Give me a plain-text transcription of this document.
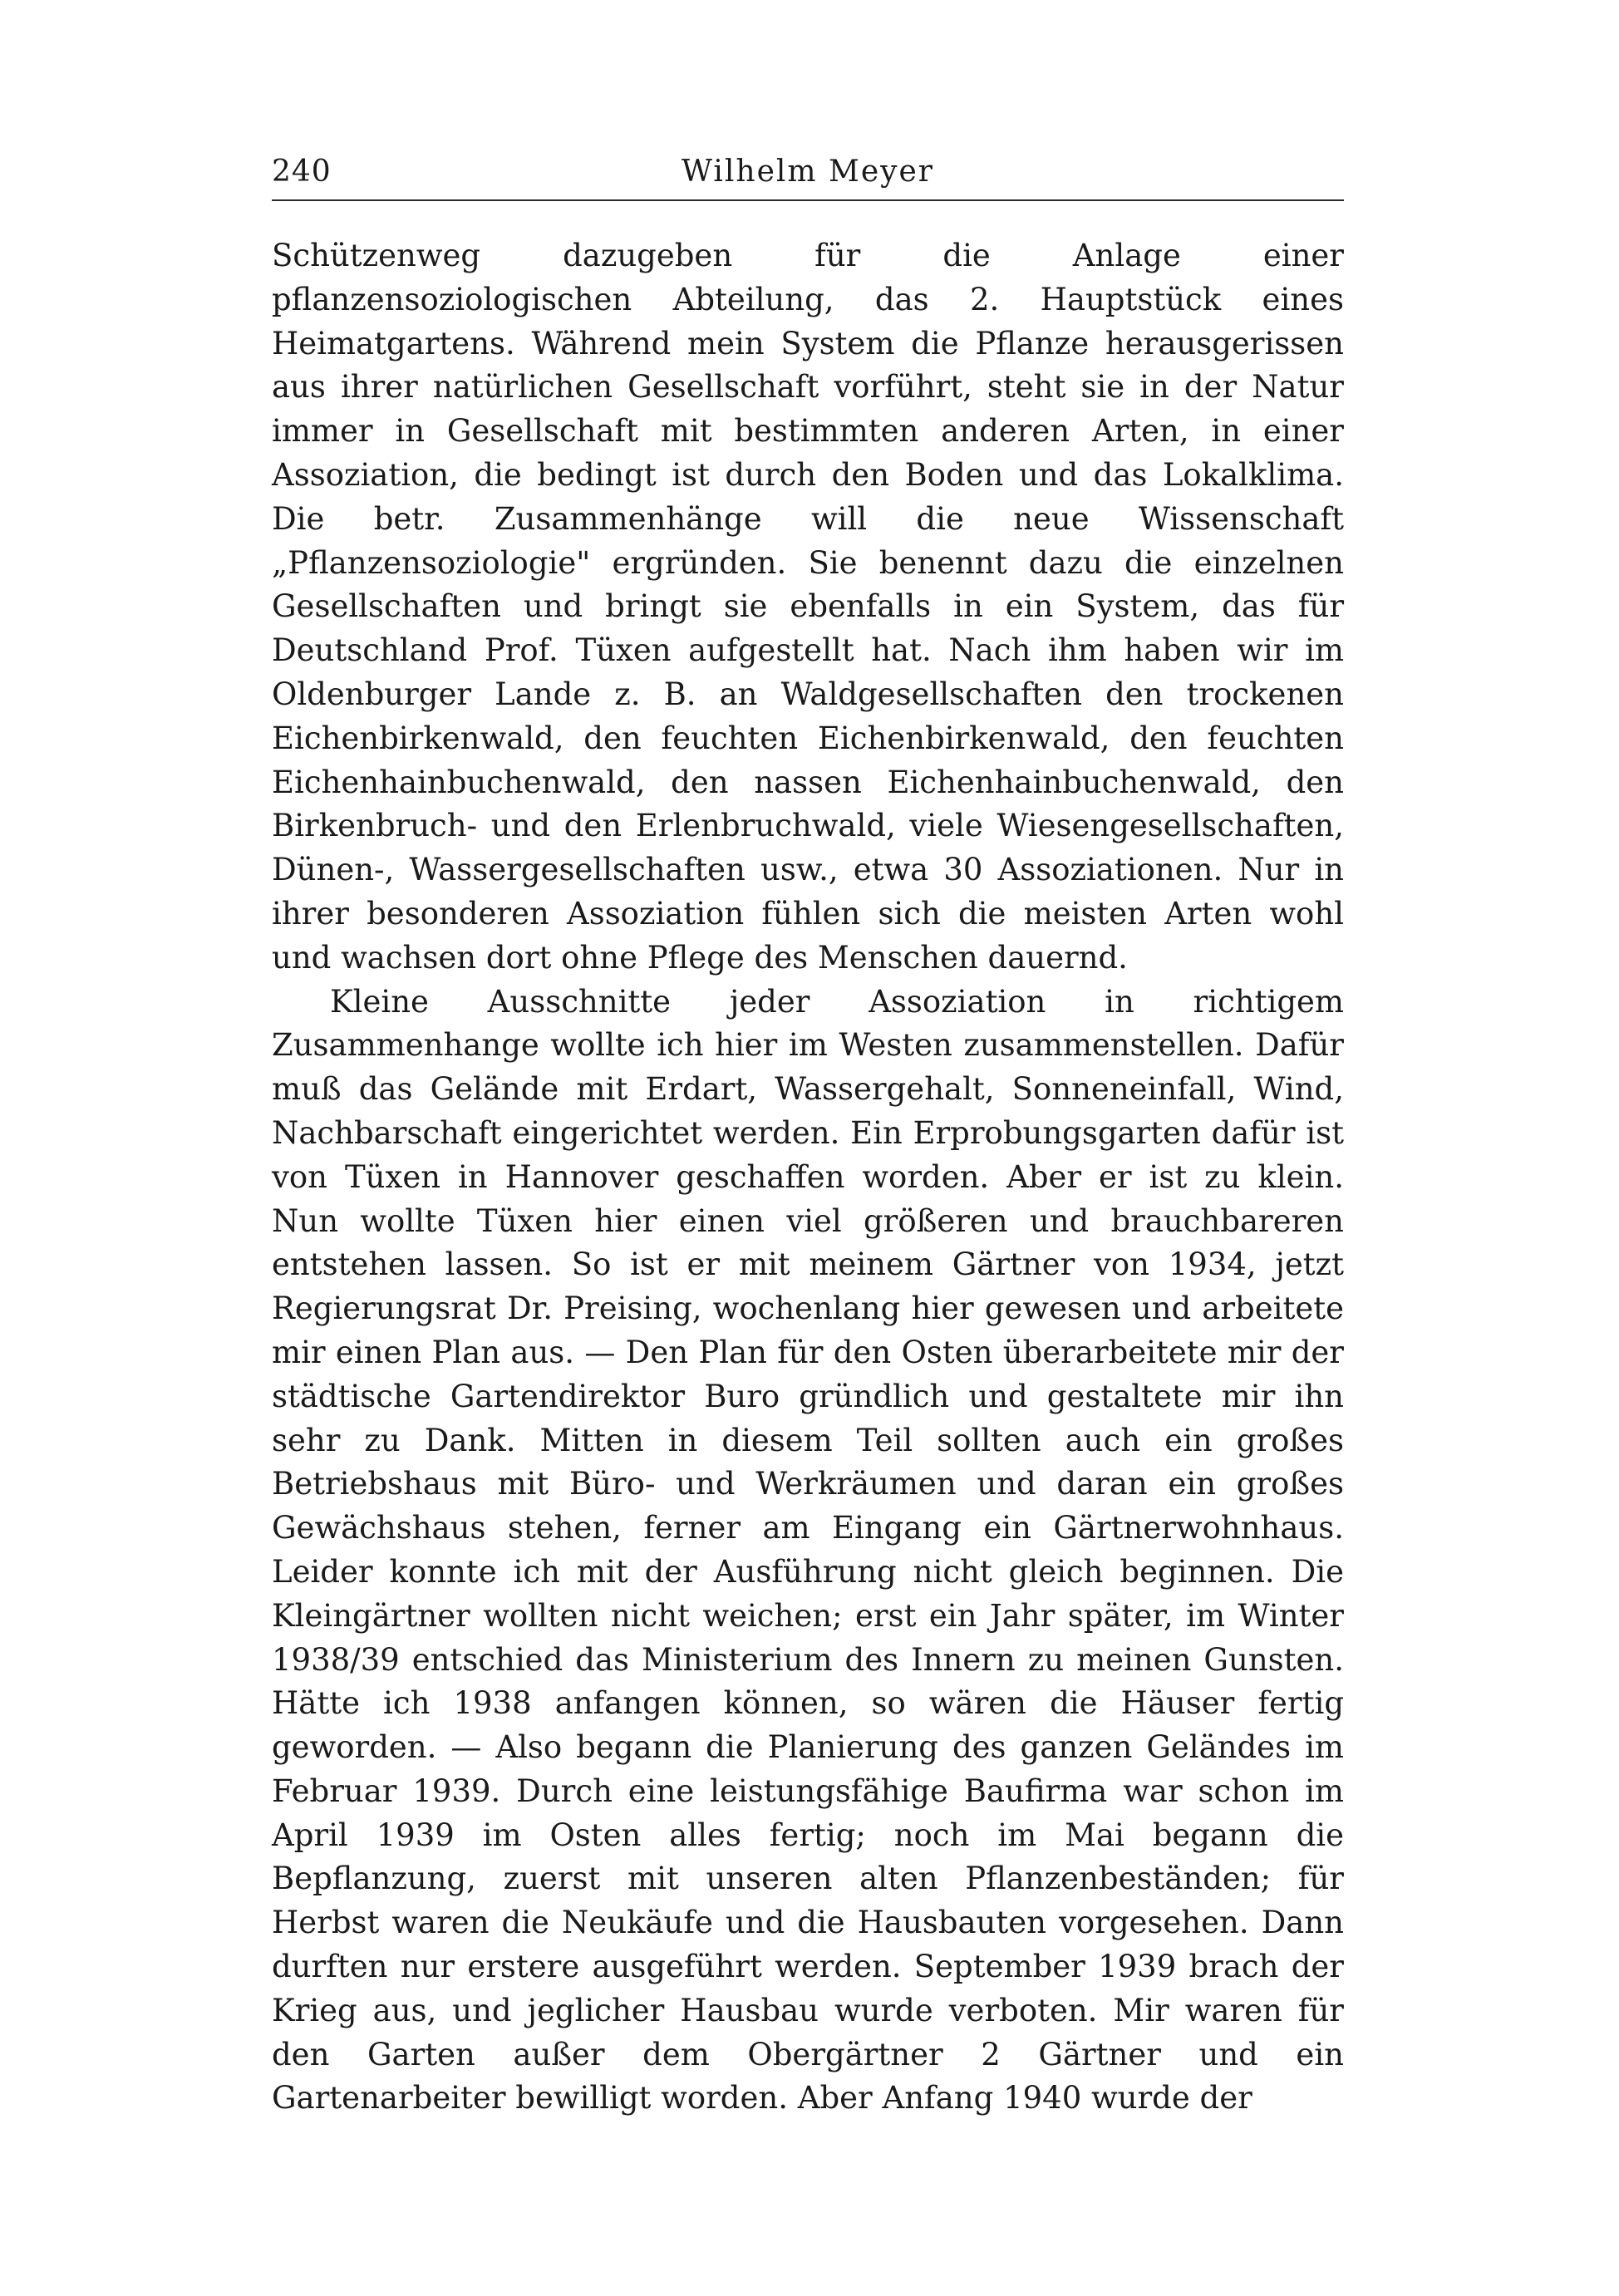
240	Wilhelm Meyer

Schützenweg dazugeben für die Anlage einer pflanzensoziologischen Abteilung, das 2. Hauptstück eines Heimatgartens. Während mein System die Pflanze herausgerissen aus ihrer natürlichen Gesellschaft vorführt, steht sie in der Natur immer in Gesellschaft mit bestimmten anderen Arten, in einer Assoziation, die bedingt ist durch den Boden und das Lokalklima. Die betr. Zusammenhänge will die neue Wissenschaft „Pflanzensoziologie" ergründen. Sie benennt dazu die einzelnen Gesellschaften und bringt sie ebenfalls in ein System, das für Deutschland Prof. Tüxen aufgestellt hat. Nach ihm haben wir im Oldenburger Lande z. B. an Waldgesellschaften den trockenen Eichenbirkenwald, den feuchten Eichenbirkenwald, den feuchten Eichenhainbuchenwald, den nassen Eichenhainbuchenwald, den Birkenbruch- und den Erlenbruchwald, viele Wiesengesellschaften, Dünen-, Wassergesellschaften usw., etwa 30 Assoziationen. Nur in ihrer besonderen Assoziation fühlen sich die meisten Arten wohl und wachsen dort ohne Pflege des Menschen dauernd.

Kleine Ausschnitte jeder Assoziation in richtigem Zusammenhange wollte ich hier im Westen zusammenstellen. Dafür muß das Gelände mit Erdart, Wassergehalt, Sonneneinfall, Wind, Nachbarschaft eingerichtet werden. Ein Erprobungsgarten dafür ist von Tüxen in Hannover geschaffen worden. Aber er ist zu klein. Nun wollte Tüxen hier einen viel größeren und brauchbareren entstehen lassen. So ist er mit meinem Gärtner von 1934, jetzt Regierungsrat Dr. Preising, wochenlang hier gewesen und arbeitete mir einen Plan aus. — Den Plan für den Osten überarbeitete mir der städtische Gartendirektor Buro gründlich und gestaltete mir ihn sehr zu Dank. Mitten in diesem Teil sollten auch ein großes Betriebshaus mit Büro- und Werkräumen und daran ein großes Gewächshaus stehen, ferner am Eingang ein Gärtnerwohnhaus. Leider konnte ich mit der Ausführung nicht gleich beginnen. Die Kleingärtner wollten nicht weichen; erst ein Jahr später, im Winter 1938/39 entschied das Ministerium des Innern zu meinen Gunsten. Hätte ich 1938 anfangen können, so wären die Häuser fertig geworden. — Also begann die Planierung des ganzen Geländes im Februar 1939. Durch eine leistungsfähige Baufirma war schon im April 1939 im Osten alles fertig; noch im Mai begann die Bepflanzung, zuerst mit unseren alten Pflanzenbeständen; für Herbst waren die Neukäufe und die Hausbauten vorgesehen. Dann durften nur erstere ausgeführt werden. September 1939 brach der Krieg aus, und jeglicher Hausbau wurde verboten. Mir waren für den Garten außer dem Obergärtner 2 Gärtner und ein Gartenarbeiter bewilligt worden. Aber Anfang 1940 wurde der
